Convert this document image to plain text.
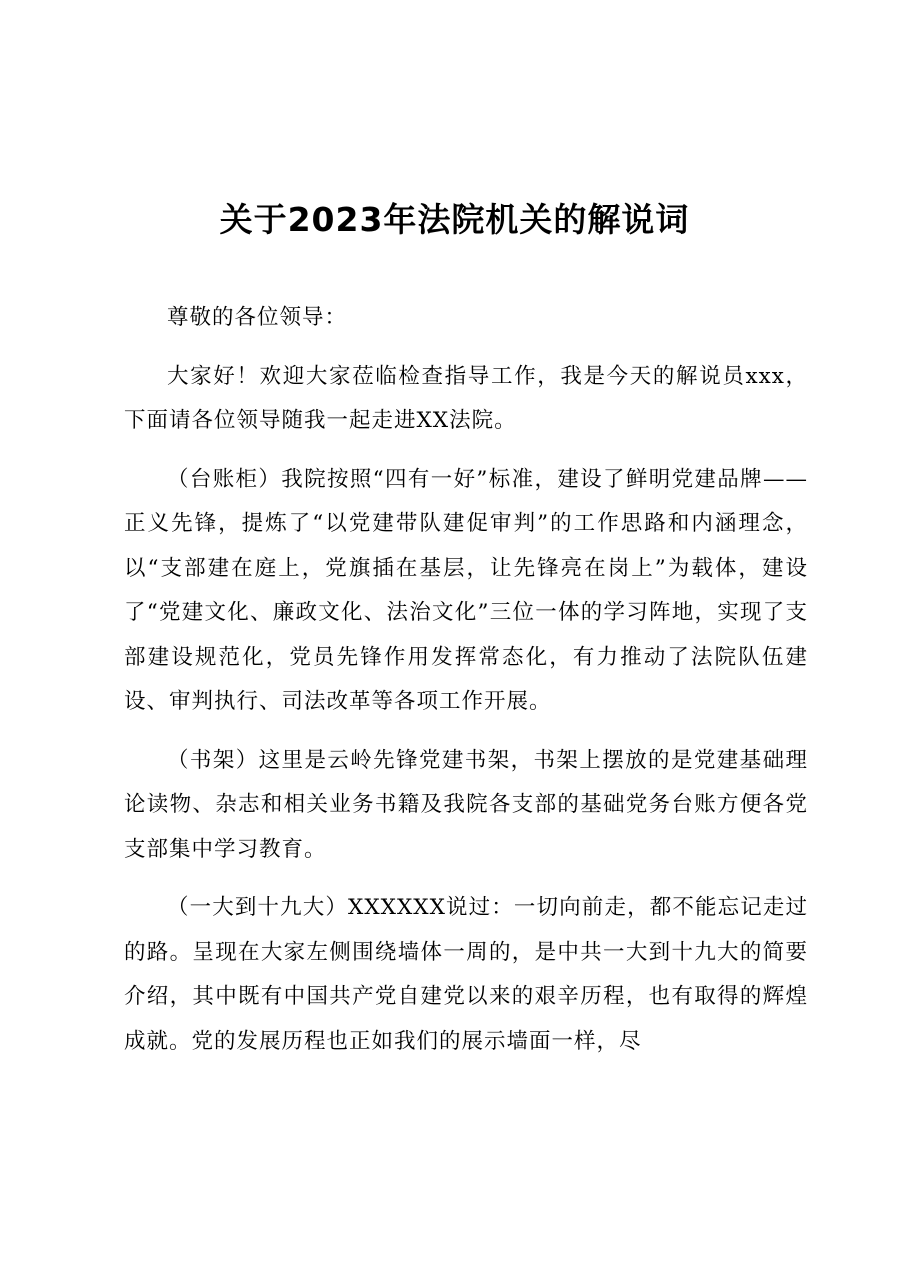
关于2023年法院机关的解说词

尊敬的各位领导：

大家好！欢迎大家莅临检查指导工作，我是今天的解说员xxx，下面请各位领导随我一起走进XX法院。

（台账柜）我院按照“四有一好”标准，建设了鲜明党建品牌——正义先锋，提炼了“以党建带队建促审判”的工作思路和内涵理念，以“支部建在庭上，党旗插在基层，让先锋亮在岗上”为载体，建设了“党建文化、廉政文化、法治文化”三位一体的学习阵地，实现了支部建设规范化，党员先锋作用发挥常态化，有力推动了法院队伍建设、审判执行、司法改革等各项工作开展。

（书架）这里是云岭先锋党建书架，书架上摆放的是党建基础理论读物、杂志和相关业务书籍及我院各支部的基础党务台账方便各党支部集中学习教育。

（一大到十九大）XXXXXX说过：一切向前走，都不能忘记走过的路。呈现在大家左侧围绕墙体一周的，是中共一大到十九大的简要介绍，其中既有中国共产党自建党以来的艰辛历程，也有取得的辉煌成就。党的发展历程也正如我们的展示墙面一样，尽
